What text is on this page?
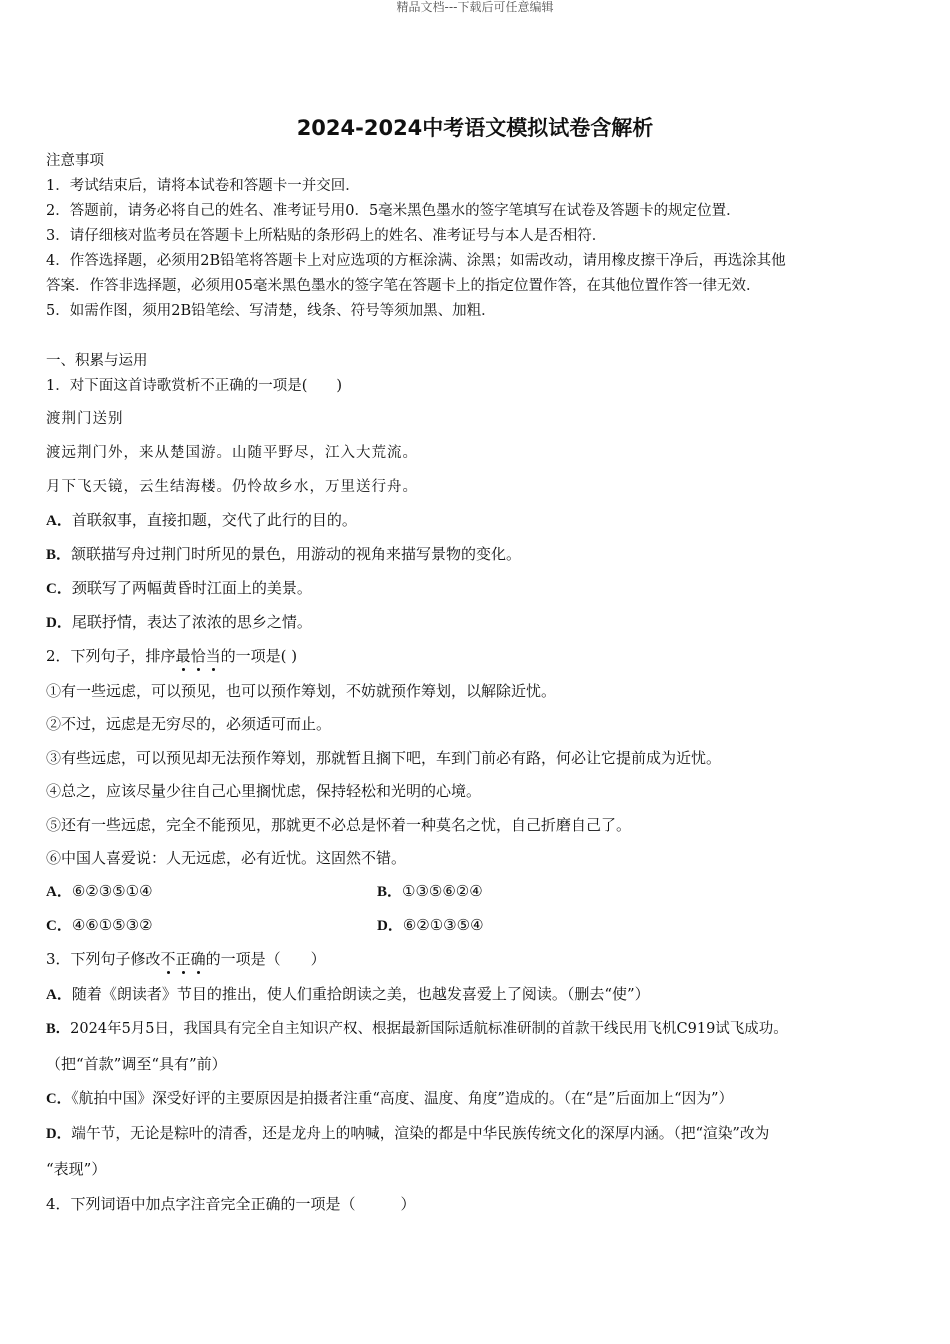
精品文档---下载后可任意编辑
2024-2024中考语文模拟试卷含解析
注意事项
1．考试结束后，请将本试卷和答题卡一并交回．
2．答题前，请务必将自己的姓名、准考证号用0．5毫米黑色墨水的签字笔填写在试卷及答题卡的规定位置．
3．请仔细核对监考员在答题卡上所粘贴的条形码上的姓名、准考证号与本人是否相符．
4．作答选择题，必须用2B铅笔将答题卡上对应选项的方框涂满、涂黑；如需改动，请用橡皮擦干净后，再选涂其他
答案．作答非选择题，必须用05毫米黑色墨水的签字笔在答题卡上的指定位置作答，在其他位置作答一律无效．
5．如需作图，须用2B铅笔绘、写清楚，线条、符号等须加黑、加粗．
一、积累与运用
1．对下面这首诗歌赏析不正确的一项是(　　)
渡荆门送别
渡远荆门外，来从楚国游。山随平野尽，江入大荒流。
月下飞天镜，云生结海楼。仍怜故乡水，万里送行舟。
A．首联叙事，直接扣题，交代了此行的目的。
B．颔联描写舟过荆门时所见的景色，用游动的视角来描写景物的变化。
C．颈联写了两幅黄昏时江面上的美景。
D．尾联抒情，表达了浓浓的思乡之情。
2．下列句子，排序最恰当的一项是( )
①有一些远虑，可以预见，也可以预作筹划，不妨就预作筹划，以解除近忧。
②不过，远虑是无穷尽的，必须适可而止。
③有些远虑，可以预见却无法预作筹划，那就暂且搁下吧，车到门前必有路，何必让它提前成为近忧。
④总之，应该尽量少往自己心里搁忧虑，保持轻松和光明的心境。
⑤还有一些远虑，完全不能预见，那就更不必总是怀着一种莫名之忧，自己折磨自己了。
⑥中国人喜爱说：人无远虑，必有近忧。这固然不错。
A．⑥②③⑤①④	B．①③⑤⑥②④
C．④⑥①⑤③②	D．⑥②①③⑤④
3．下列句子修改不正确的一项是（　　）
A．随着《朗读者》节目的推出，使人们重拾朗读之美，也越发喜爱上了阅读。（删去“使”）
B．2024年5月5日，我国具有完全自主知识产权、根据最新国际适航标准研制的首款干线民用飞机C919试飞成功。
（把“首款”调至“具有”前）
C．《航拍中国》深受好评的主要原因是拍摄者注重“高度、温度、角度”造成的。（在“是”后面加上“因为”）
D．端午节，无论是粽叶的清香，还是龙舟上的呐喊，渲染的都是中华民族传统文化的深厚内涵。（把“渲染”改为
“表现”）
4．下列词语中加点字注音完全正确的一项是（　　　）
